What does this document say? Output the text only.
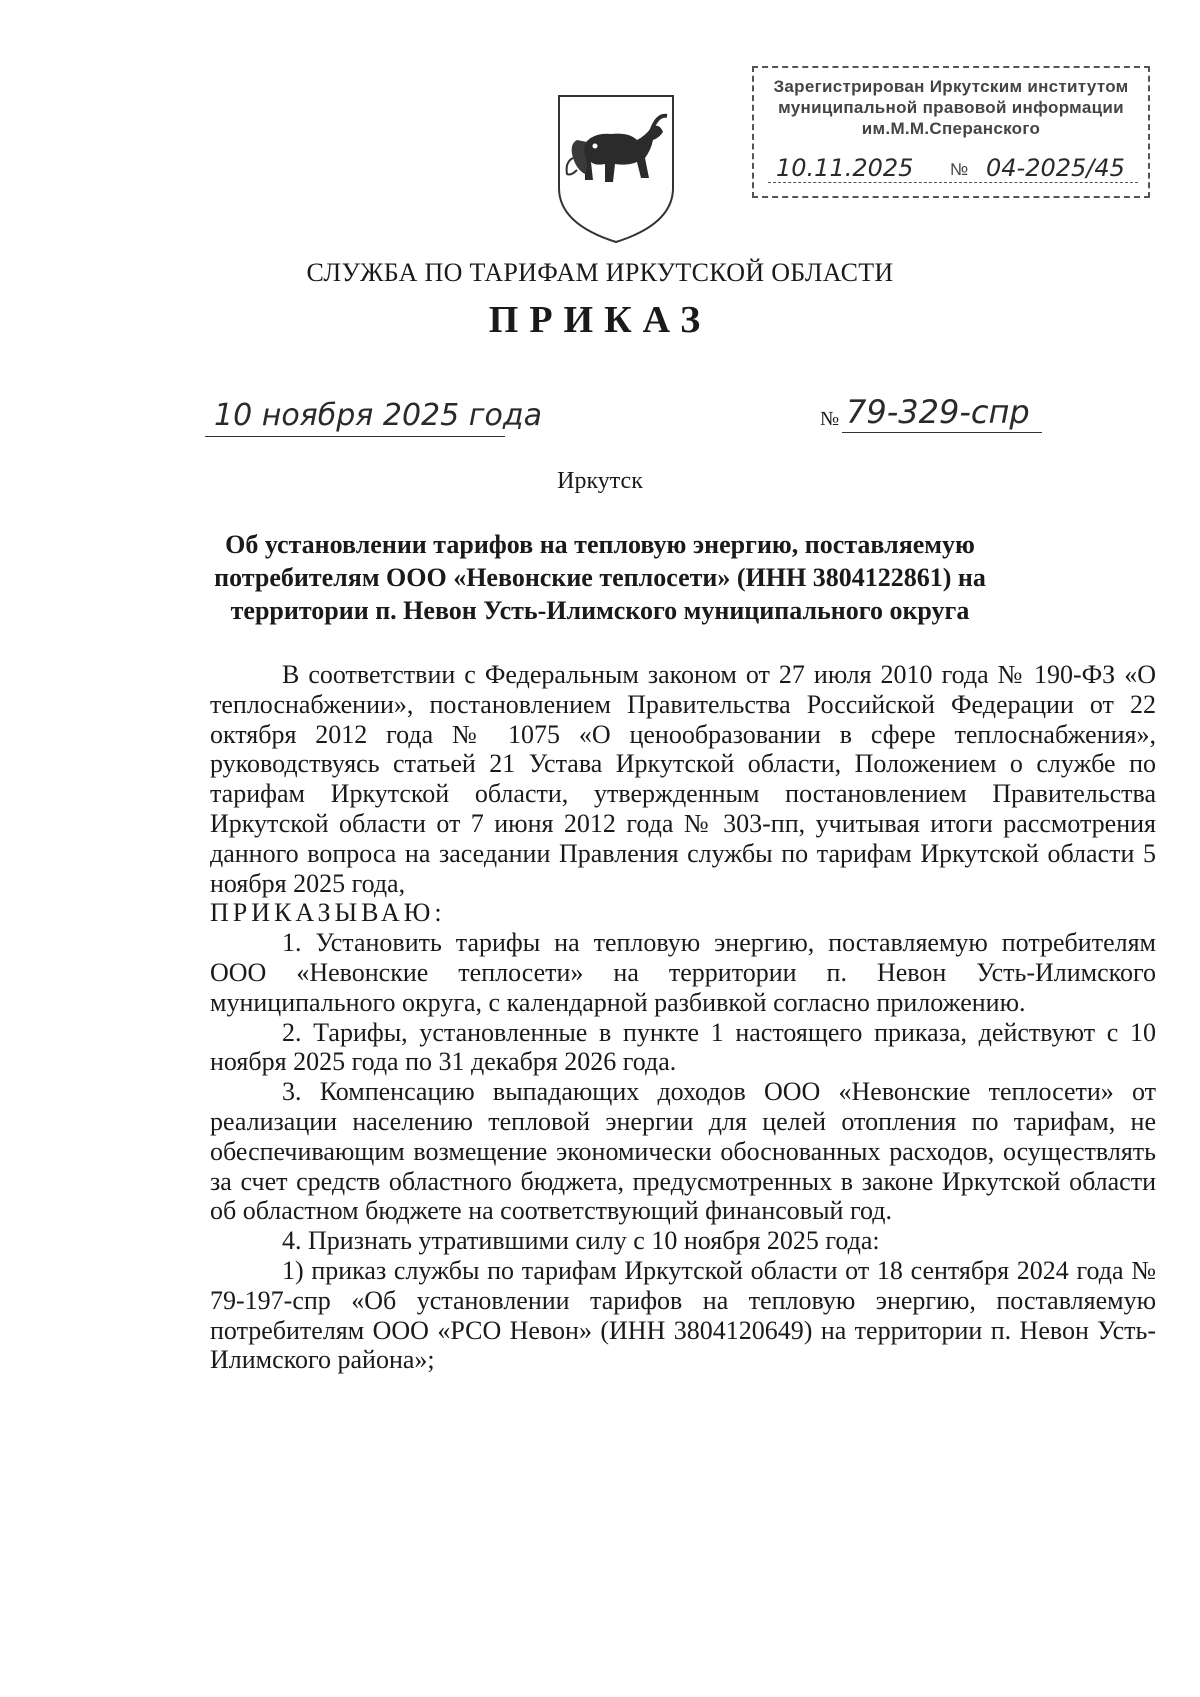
Зарегистрирован Иркутским институтом
муниципальной правовой информации
им.М.М.Сперанского
10.11.2025 № 04-2025/45
СЛУЖБА ПО ТАРИФАМ ИРКУТСКОЙ ОБЛАСТИ
ПРИКАЗ
10 ноября 2025 года	№ 79-329-спр
Иркутск
Об установлении тарифов на тепловую энергию, поставляемую потребителям ООО «Невонские теплосети» (ИНН 3804122861) на территории п. Невон Усть-Илимского муниципального округа

В соответствии с Федеральным законом от 27 июля 2010 года № 190-ФЗ «О теплоснабжении», постановлением Правительства Российской Федерации от 22 октября 2012 года № 1075 «О ценообразовании в сфере теплоснабжения», руководствуясь статьей 21 Устава Иркутской области, Положением о службе по тарифам Иркутской области, утвержденным постановлением Правительства Иркутской области от 7 июня 2012 года № 303-пп, учитывая итоги рассмотрения данного вопроса на заседании Правления службы по тарифам Иркутской области 5 ноября 2025 года,

ПРИКАЗЫВАЮ:

1. Установить тарифы на тепловую энергию, поставляемую потребителям ООО «Невонские теплосети» на территории п. Невон Усть-Илимского муниципального округа, с календарной разбивкой согласно приложению.

2. Тарифы, установленные в пункте 1 настоящего приказа, действуют с 10 ноября 2025 года по 31 декабря 2026 года.

3. Компенсацию выпадающих доходов ООО «Невонские теплосети» от реализации населению тепловой энергии для целей отопления по тарифам, не обеспечивающим возмещение экономически обоснованных расходов, осуществлять за счет средств областного бюджета, предусмотренных в законе Иркутской области об областном бюджете на соответствующий финансовый год.

4. Признать утратившими силу с 10 ноября 2025 года:

1) приказ службы по тарифам Иркутской области от 18 сентября 2024 года № 79-197-спр «Об установлении тарифов на тепловую энергию, поставляемую потребителям ООО «РСО Невон» (ИНН 3804120649) на территории п. Невон Усть-Илимского района»;
